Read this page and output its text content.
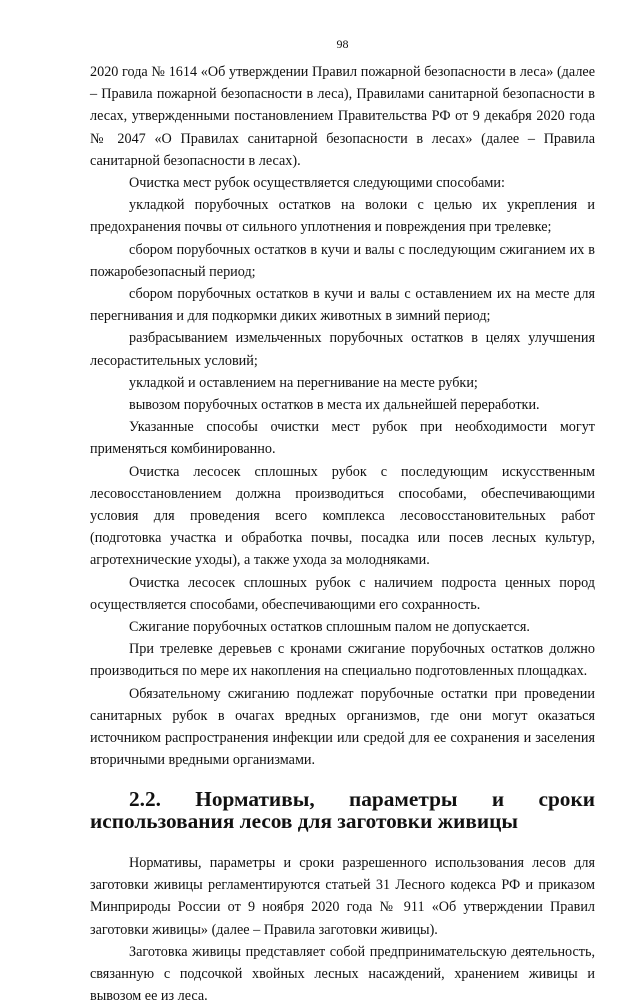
98

2020 года № 1614 «Об утверждении Правил пожарной безопасности в леса» (далее – Правила пожарной безопасности в леса), Правилами санитарной безопасности в лесах, утвержденными постановлением Правительства РФ от 9 декабря 2020 года № 2047 «О Правилах санитарной безопасности в лесах» (далее – Правила санитарной безопасности в лесах).

Очистка мест рубок осуществляется следующими способами:

укладкой порубочных остатков на волоки с целью их укрепления и предохранения почвы от сильного уплотнения и повреждения при трелевке;

сбором порубочных остатков в кучи и валы с последующим сжиганием их в пожаробезопасный период;

сбором порубочных остатков в кучи и валы с оставлением их на месте для перегнивания и для подкормки диких животных в зимний период;

разбрасыванием измельченных порубочных остатков в целях улучшения лесорастительных условий;

укладкой и оставлением на перегнивание на месте рубки;

вывозом порубочных остатков в места их дальнейшей переработки.

Указанные способы очистки мест рубок при необходимости могут применяться комбинированно.

Очистка лесосек сплошных рубок с последующим искусственным лесовосстановлением должна производиться способами, обеспечивающими условия для проведения всего комплекса лесовосстановительных работ (подготовка участка и обработка почвы, посадка или посев лесных культур, агротехнические уходы), а также ухода за молодняками.

Очистка лесосек сплошных рубок с наличием подроста ценных пород осуществляется способами, обеспечивающими его сохранность.

Сжигание порубочных остатков сплошным палом не допускается.

При трелевке деревьев с кронами сжигание порубочных остатков должно производиться по мере их накопления на специально подготовленных площадках.

Обязательному сжиганию подлежат порубочные остатки при проведении санитарных рубок в очагах вредных организмов, где они могут оказаться источником распространения инфекции или средой для ее сохранения и заселения вторичными вредными организмами.

2.2. Нормативы, параметры и сроки использования лесов для заготовки живицы

Нормативы, параметры и сроки разрешенного использования лесов для заготовки живицы регламентируются статьей 31 Лесного кодекса РФ и приказом Минприроды России от 9 ноября 2020 года № 911 «Об утверждении Правил заготовки живицы» (далее – Правила заготовки живицы).

Заготовка живицы представляет собой предпринимательскую деятельность, связанную с подсочкой хвойных лесных насаждений, хранением живицы и вывозом ее из леса.
